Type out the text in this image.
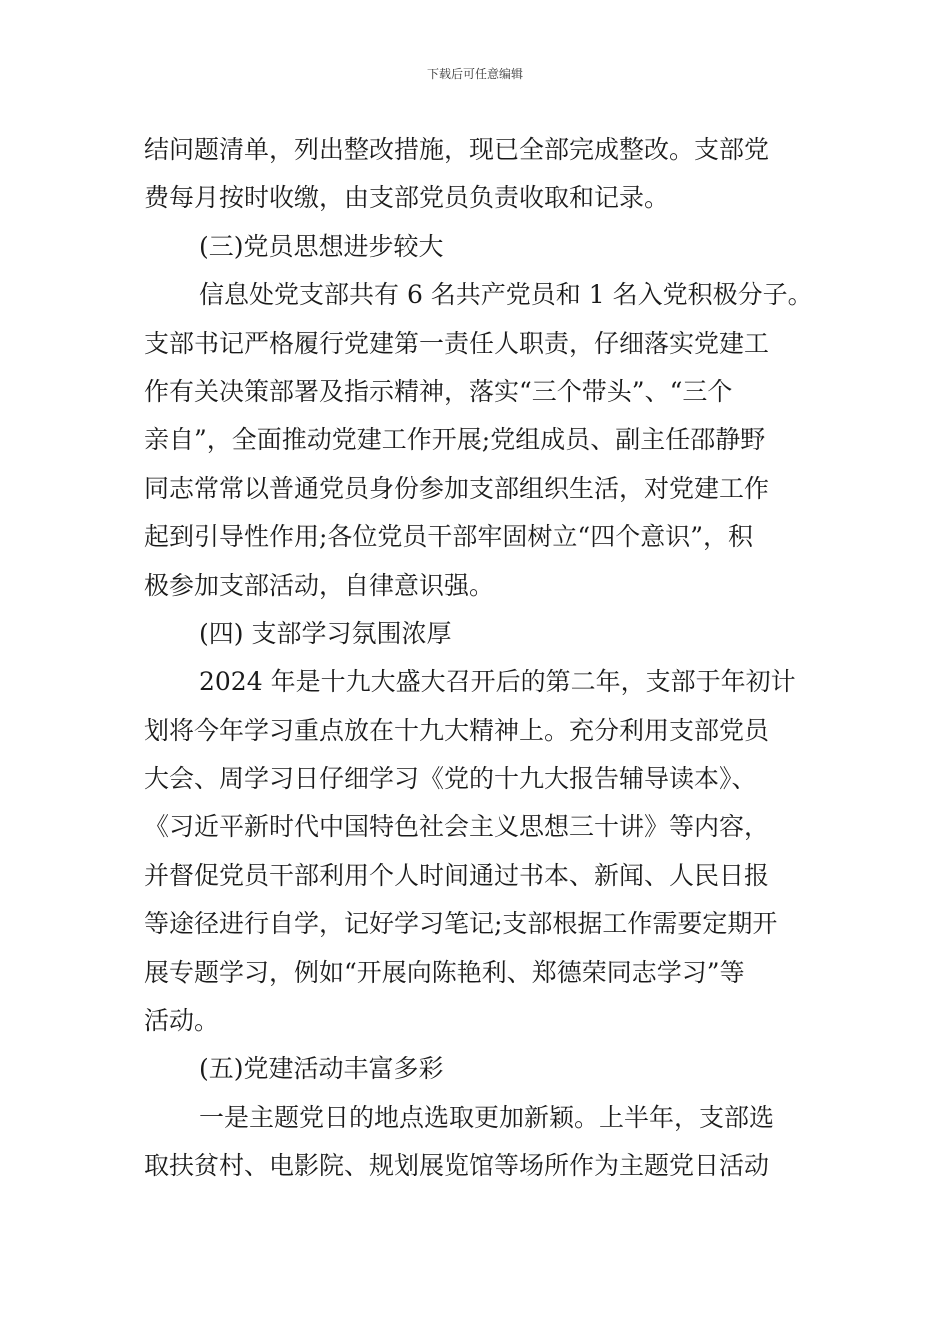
下载后可任意编辑
结问题清单，列出整改措施，现已全部完成整改。支部党
费每月按时收缴，由支部党员负责收取和记录。
(三)党员思想进步较大
信息处党支部共有 6 名共产党员和 1 名入党积极分子。
支部书记严格履行党建第一责任人职责，仔细落实党建工
作有关决策部署及指示精神，落实“三个带头”、“三个
亲自”，全面推动党建工作开展;党组成员、副主任邵静野
同志常常以普通党员身份参加支部组织生活，对党建工作
起到引导性作用;各位党员干部牢固树立“四个意识”，积
极参加支部活动，自律意识强。
(四) 支部学习氛围浓厚
2024 年是十九大盛大召开后的第二年，支部于年初计
划将今年学习重点放在十九大精神上。充分利用支部党员
大会、周学习日仔细学习《党的十九大报告辅导读本》、
《习近平新时代中国特色社会主义思想三十讲》等内容，
并督促党员干部利用个人时间通过书本、新闻、人民日报
等途径进行自学，记好学习笔记;支部根据工作需要定期开
展专题学习，例如“开展向陈艳利、郑德荣同志学习”等
活动。
(五)党建活动丰富多彩
一是主题党日的地点选取更加新颖。上半年，支部选
取扶贫村、电影院、规划展览馆等场所作为主题党日活动
